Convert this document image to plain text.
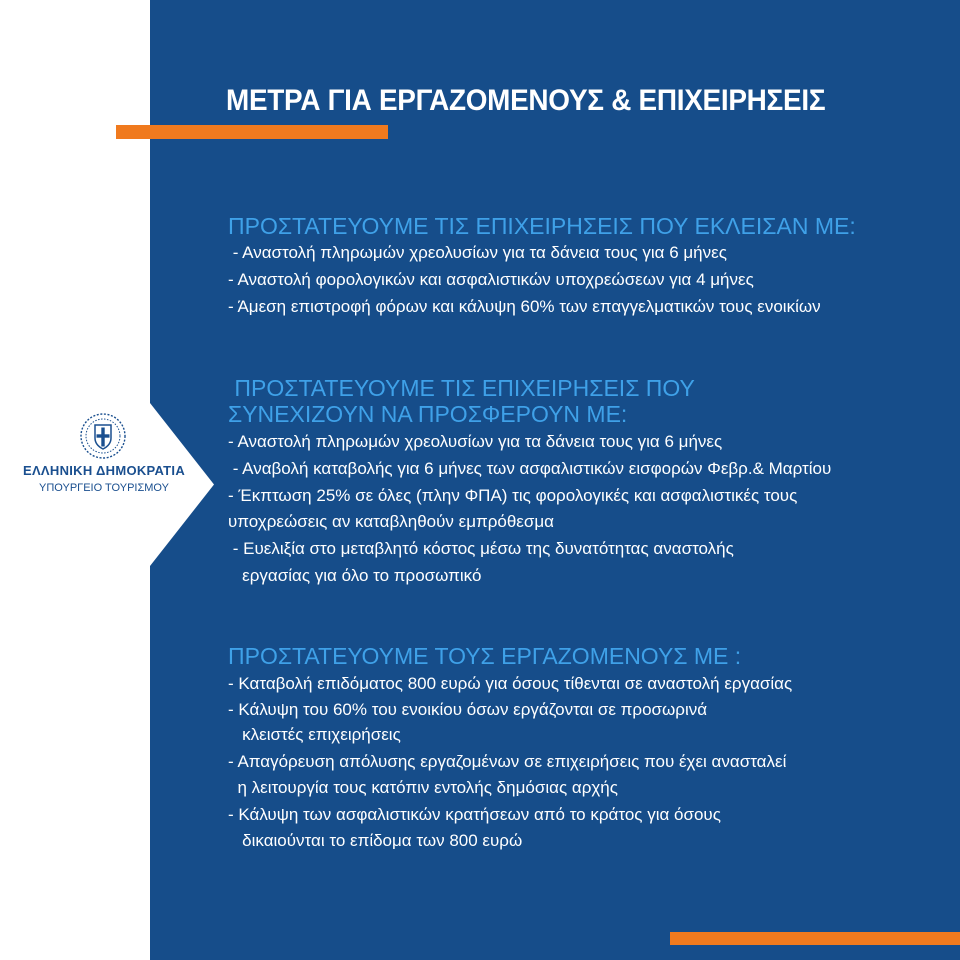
ΜΕΤΡΑ ΓΙΑ ΕΡΓΑΖΟΜΕΝΟΥΣ & ΕΠΙΧΕΙΡΗΣΕΙΣ
ΕΛΛΗΝΙΚΗ ΔΗΜΟΚΡΑΤΙΑ
ΥΠΟΥΡΓΕΙΟ ΤΟΥΡΙΣΜΟΥ
ΠΡΟΣΤΑΤΕΥΟΥΜΕ ΤΙΣ ΕΠΙΧΕΙΡΗΣΕΙΣ ΠΟΥ ΕΚΛΕΙΣΑΝ ΜΕ:
- Αναστολή πληρωμών χρεολυσίων για τα δάνεια τους για 6 μήνες
- Αναστολή φορολογικών και ασφαλιστικών υποχρεώσεων για 4 μήνες
- Άμεση επιστροφή φόρων και κάλυψη 60% των επαγγελματικών τους ενοικίων
ΠΡΟΣΤΑΤΕΥΟΥΜΕ ΤΙΣ ΕΠΙΧΕΙΡΗΣΕΙΣ ΠΟΥ
ΣΥΝΕΧΙΖΟΥΝ ΝΑ ΠΡΟΣΦΕΡΟΥΝ ΜΕ:
- Αναστολή πληρωμών χρεολυσίων για τα δάνεια τους για 6 μήνες
- Αναβολή καταβολής για 6 μήνες των ασφαλιστικών εισφορών Φεβρ.& Μαρτίου
- Έκπτωση 25% σε όλες (πλην ΦΠΑ) τις φορολογικές και ασφαλιστικές τους
υποχρεώσεις αν καταβληθούν εμπρόθεσμα
- Ευελιξία στο μεταβλητό κόστος μέσω της δυνατότητας αναστολής
εργασίας για όλο το προσωπικό
ΠΡΟΣΤΑΤΕΥΟΥΜΕ ΤΟΥΣ ΕΡΓΑΖΟΜΕΝΟΥΣ ΜΕ :
- Καταβολή επιδόματος 800 ευρώ για όσους τίθενται σε αναστολή εργασίας
- Κάλυψη του 60% του ενοικίου όσων εργάζονται σε προσωρινά
κλειστές επιχειρήσεις
- Απαγόρευση απόλυσης εργαζομένων σε επιχειρήσεις που έχει ανασταλεί
η λειτουργία τους κατόπιν εντολής δημόσιας αρχής
- Κάλυψη των ασφαλιστικών κρατήσεων από το κράτος για όσους
δικαιούνται το επίδομα των 800 ευρώ
